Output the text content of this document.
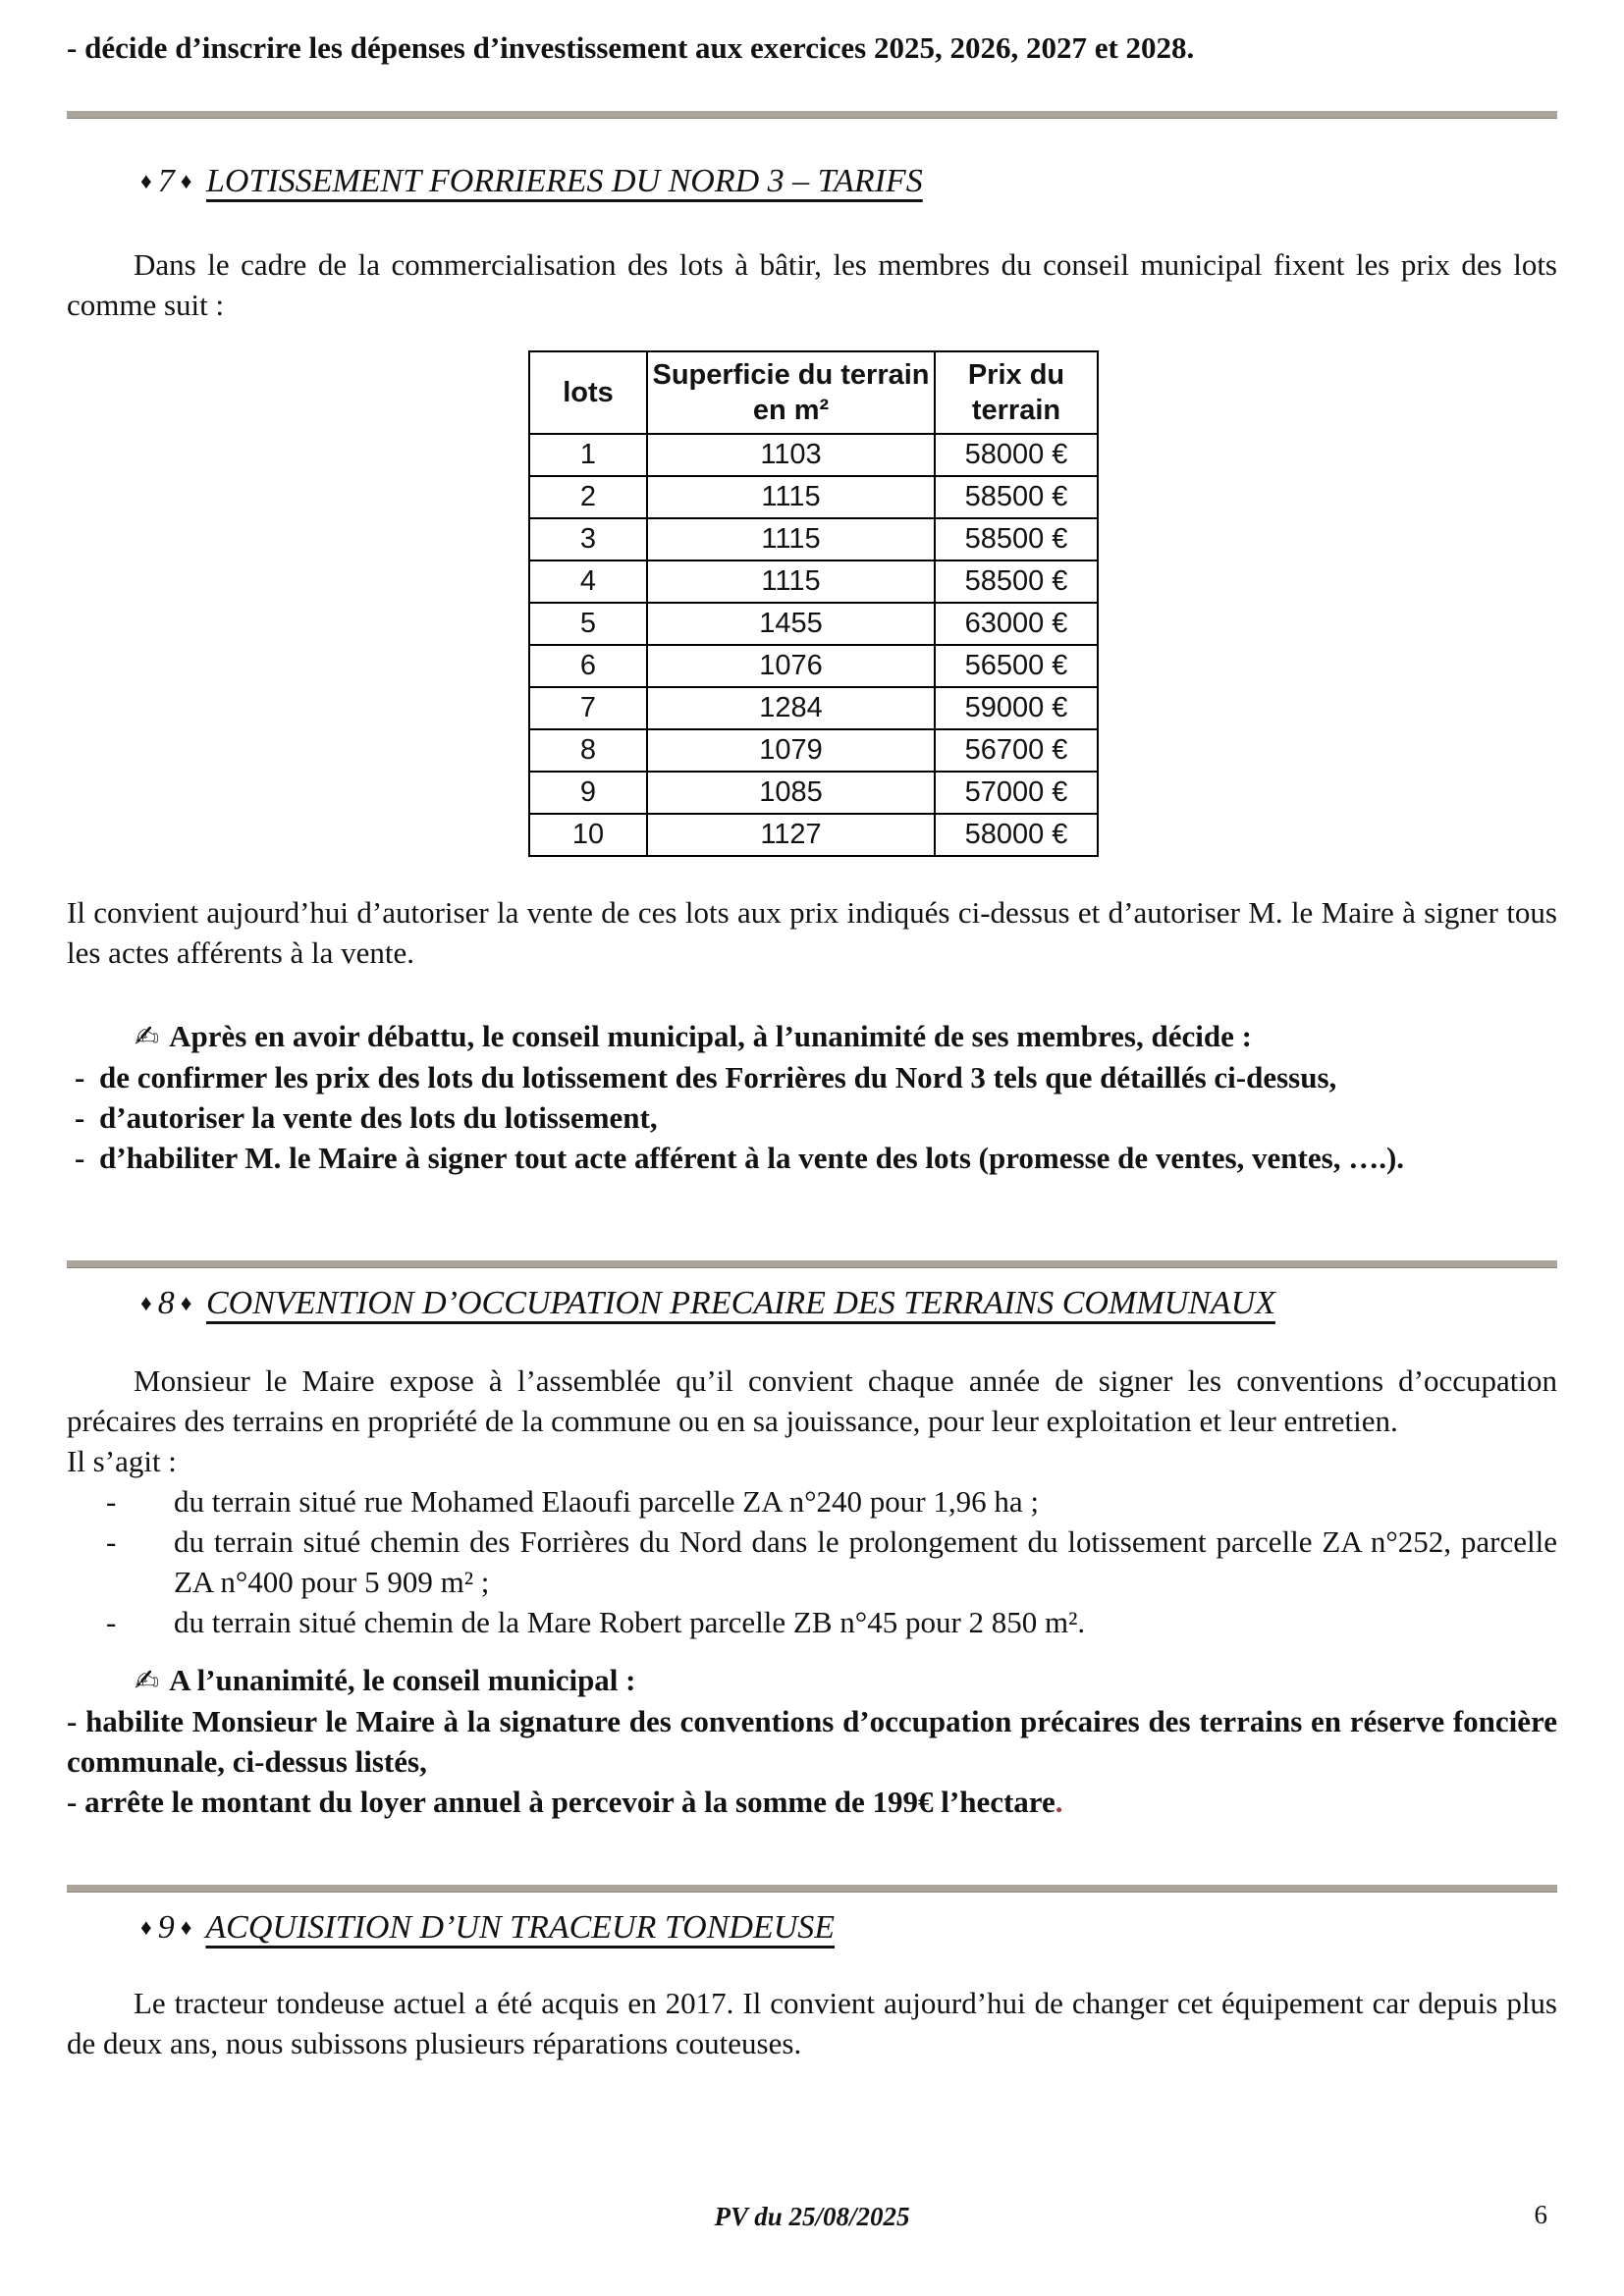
- décide d’inscrire les dépenses d’investissement aux exercices 2025, 2026, 2027 et 2028.
♦ 7 ♦ LOTISSEMENT FORRIERES DU NORD 3 – TARIFS
Dans le cadre de la commercialisation des lots à bâtir, les membres du conseil municipal fixent les prix des lots comme suit :
lots	Superficie du terrain en m²	Prix du terrain
1	1103	58000 €
2	1115	58500 €
3	1115	58500 €
4	1115	58500 €
5	1455	63000 €
6	1076	56500 €
7	1284	59000 €
8	1079	56700 €
9	1085	57000 €
10	1127	58000 €
Il convient aujourd’hui d’autoriser la vente de ces lots aux prix indiqués ci-dessus et d’autoriser M. le Maire à signer tous les actes afférents à la vente.
✍ Après en avoir débattu, le conseil municipal, à l’unanimité de ses membres, décide :
- de confirmer les prix des lots du lotissement des Forrières du Nord 3 tels que détaillés ci-dessus,
- d’autoriser la vente des lots du lotissement,
- d’habiliter M. le Maire à signer tout acte afférent à la vente des lots (promesse de ventes, ventes, ….).
♦ 8 ♦ CONVENTION D’OCCUPATION PRECAIRE DES TERRAINS COMMUNAUX
Monsieur le Maire expose à l’assemblée qu’il convient chaque année de signer les conventions d’occupation précaires des terrains en propriété de la commune ou en sa jouissance, pour leur exploitation et leur entretien.
Il s’agit :
- du terrain situé rue Mohamed Elaoufi parcelle ZA n°240 pour 1,96 ha ;
- du terrain situé chemin des Forrières du Nord dans le prolongement du lotissement parcelle ZA n°252, parcelle ZA n°400 pour 5 909 m² ;
- du terrain situé chemin de la Mare Robert parcelle ZB n°45 pour 2 850 m².
✍ A l’unanimité, le conseil municipal :
- habilite Monsieur le Maire à la signature des conventions d’occupation précaires des terrains en réserve foncière communale, ci-dessus listés,
- arrête le montant du loyer annuel à percevoir à la somme de 199€ l’hectare.
♦ 9 ♦ ACQUISITION D’UN TRACEUR TONDEUSE
Le tracteur tondeuse actuel a été acquis en 2017. Il convient aujourd’hui de changer cet équipement car depuis plus de deux ans, nous subissons plusieurs réparations couteuses.
PV du 25/08/2025	6
